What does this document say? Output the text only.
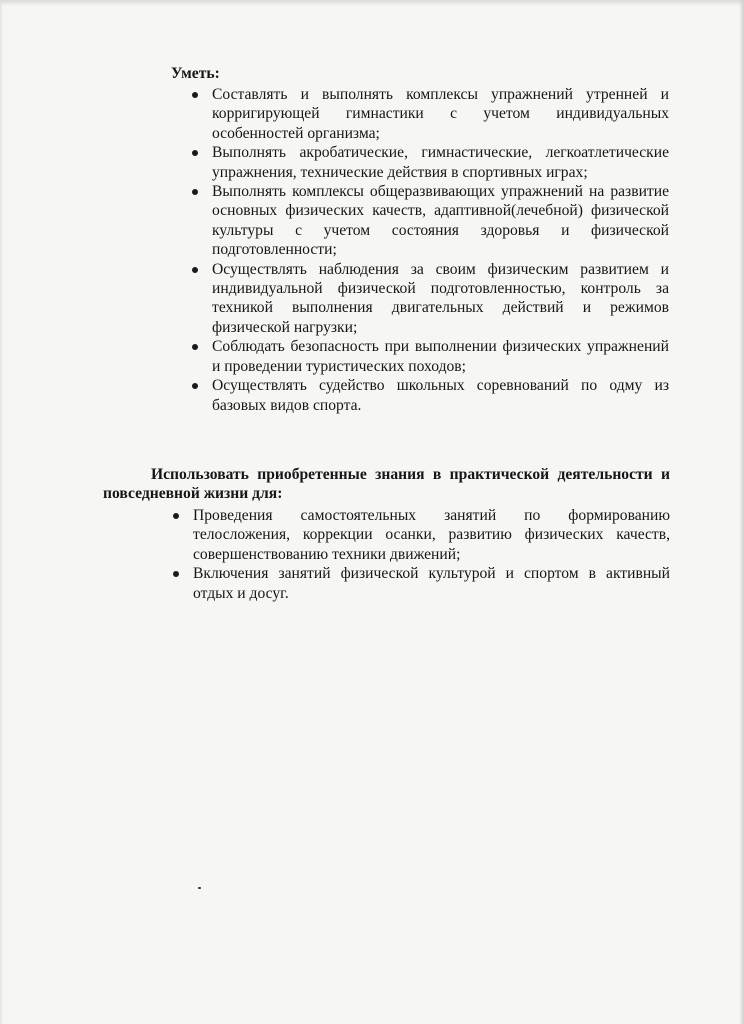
Уметь:
Составлять и выполнять комплексы упражнений утренней и корригирующей гимнастики с учетом индивидуальных особенностей организма;
Выполнять акробатические, гимнастические, легкоатлетические упражнения, технические действия в спортивных играх;
Выполнять комплексы общеразвивающих упражнений на развитие основных физических качеств, адаптивной(лечебной) физической культуры с учетом состояния здоровья и физической подготовленности;
Осуществлять наблюдения за своим физическим развитием и индивидуальной физической подготовленностью, контроль за техникой выполнения двигательных действий и режимов физической нагрузки;
Соблюдать безопасность при выполнении физических упражнений и проведении туристических походов;
Осуществлять судейство школьных соревнований по одму из базовых видов спорта.
Использовать приобретенные знания в практической деятельности и повседневной жизни для:
Проведения самостоятельных занятий по формированию телосложения, коррекции осанки, развитию физических качеств, совершенствованию техники движений;
Включения занятий физической культурой и спортом в активный отдых и досуг.
